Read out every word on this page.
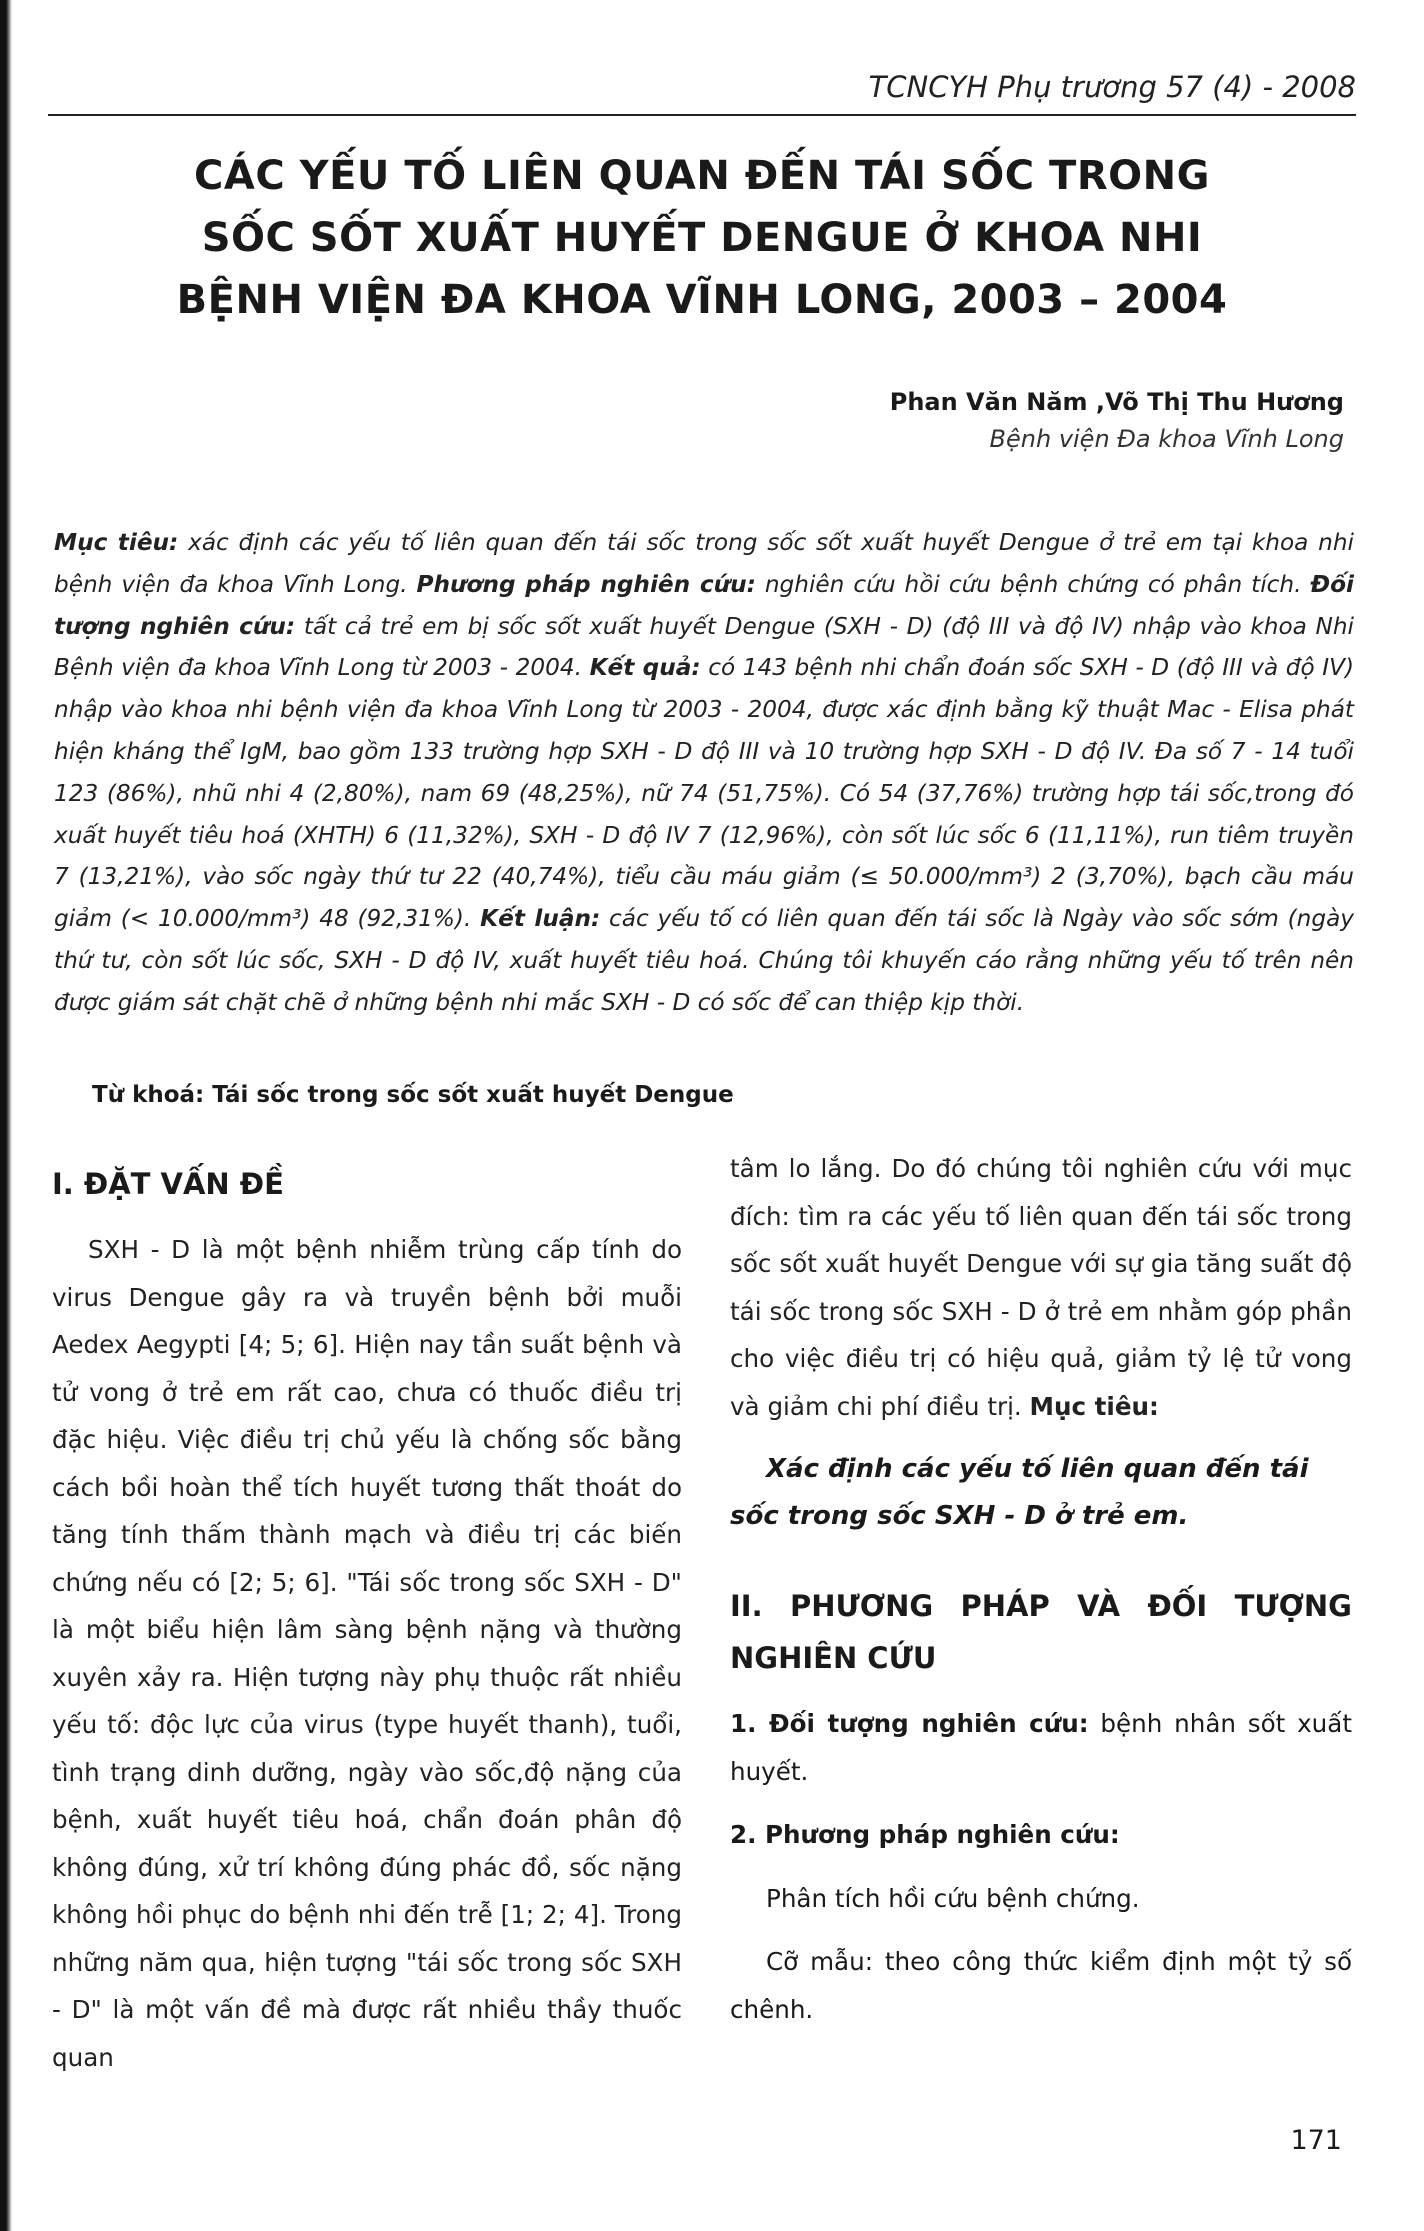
TCNCYH Phụ trương 57 (4) - 2008
CÁC YẾU TỐ LIÊN QUAN ĐẾN TÁI SỐC TRONG
SỐC SỐT XUẤT HUYẾT DENGUE Ở KHOA NHI
BỆNH VIỆN ĐA KHOA VĨNH LONG, 2003 – 2004
Phan Văn Năm ,Võ Thị Thu Hương
Bệnh viện Đa khoa Vĩnh Long
Mục tiêu: xác định các yếu tố liên quan đến tái sốc trong sốc sốt xuất huyết Dengue ở trẻ em tại khoa nhi bệnh viện đa khoa Vĩnh Long. Phương pháp nghiên cứu: nghiên cứu hồi cứu bệnh chứng có phân tích. Đối tượng nghiên cứu: tất cả trẻ em bị sốc sốt xuất huyết Dengue (SXH - D) (độ III và độ IV) nhập vào khoa Nhi Bệnh viện đa khoa Vĩnh Long từ 2003 - 2004. Kết quả: có 143 bệnh nhi chẩn đoán sốc SXH - D (độ III và độ IV) nhập vào khoa nhi bệnh viện đa khoa Vĩnh Long từ 2003 - 2004, được xác định bằng kỹ thuật Mac - Elisa phát hiện kháng thể IgM, bao gồm 133 trường hợp SXH - D độ III và 10 trường hợp SXH - D độ IV. Đa số 7 - 14 tuổi 123 (86%), nhũ nhi 4 (2,80%), nam 69 (48,25%), nữ 74 (51,75%). Có 54 (37,76%) trường hợp tái sốc,trong đó xuất huyết tiêu hoá (XHTH) 6 (11,32%), SXH - D độ IV 7 (12,96%), còn sốt lúc sốc 6 (11,11%), run tiêm truyền 7 (13,21%), vào sốc ngày thứ tư 22 (40,74%), tiểu cầu máu giảm (≤ 50.000/mm³) 2 (3,70%), bạch cầu máu giảm (< 10.000/mm³) 48 (92,31%). Kết luận: các yếu tố có liên quan đến tái sốc là Ngày vào sốc sớm (ngày thứ tư, còn sốt lúc sốc, SXH - D độ IV, xuất huyết tiêu hoá. Chúng tôi khuyến cáo rằng những yếu tố trên nên được giám sát chặt chẽ ở những bệnh nhi mắc SXH - D có sốc để can thiệp kịp thời.
Từ khoá: Tái sốc trong sốc sốt xuất huyết Dengue
I. ĐẶT VẤN ĐỀ

SXH - D là một bệnh nhiễm trùng cấp tính do virus Dengue gây ra và truyền bệnh bởi muỗi Aedex Aegypti [4; 5; 6]. Hiện nay tần suất bệnh và tử vong ở trẻ em rất cao, chưa có thuốc điều trị đặc hiệu. Việc điều trị chủ yếu là chống sốc bằng cách bồi hoàn thể tích huyết tương thất thoát do tăng tính thấm thành mạch và điều trị các biến chứng nếu có [2; 5; 6]. "Tái sốc trong sốc SXH - D" là một biểu hiện lâm sàng bệnh nặng và thường xuyên xảy ra. Hiện tượng này phụ thuộc rất nhiều yếu tố: độc lực của virus (type huyết thanh), tuổi, tình trạng dinh dưỡng, ngày vào sốc,độ nặng của bệnh, xuất huyết tiêu hoá, chẩn đoán phân độ không đúng, xử trí không đúng phác đồ, sốc nặng không hồi phục do bệnh nhi đến trễ [1; 2; 4]. Trong những năm qua, hiện tượng "tái sốc trong sốc SXH - D" là một vấn đề mà được rất nhiều thầy thuốc quan

tâm lo lắng. Do đó chúng tôi nghiên cứu với mục đích: tìm ra các yếu tố liên quan đến tái sốc trong sốc sốt xuất huyết Dengue với sự gia tăng suất độ tái sốc trong sốc SXH - D ở trẻ em nhằm góp phần cho việc điều trị có hiệu quả, giảm tỷ lệ tử vong và giảm chi phí điều trị. Mục tiêu:

Xác định các yếu tố liên quan đến tái sốc trong sốc SXH - D ở trẻ em.

II. PHƯƠNG PHÁP VÀ ĐỐI TƯỢNG NGHIÊN CỨU

1. Đối tượng nghiên cứu: bệnh nhân sốt xuất huyết.

2. Phương pháp nghiên cứu:

Phân tích hồi cứu bệnh chứng.

Cỡ mẫu: theo công thức kiểm định một tỷ số chênh.

171
